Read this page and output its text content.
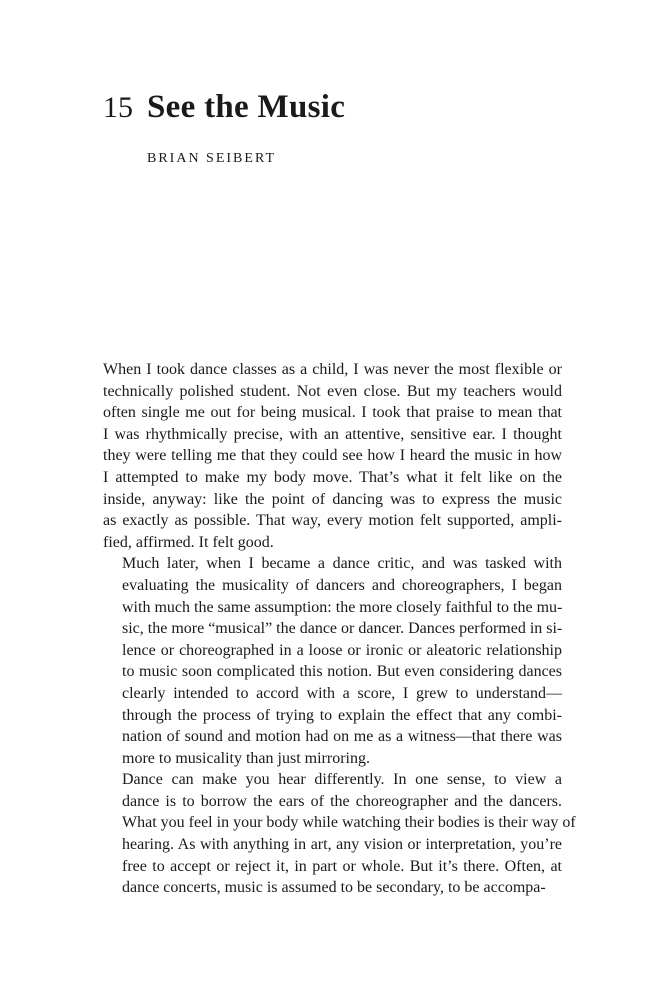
15 See the Music
BRIAN SEIBERT

When I took dance classes as a child, I was never the most flexible or
technically polished student. Not even close. But my teachers would
often single me out for being musical. I took that praise to mean that
I was rhythmically precise, with an attentive, sensitive ear. I thought
they were telling me that they could see how I heard the music in how
I attempted to make my body move. That’s what it felt like on the
inside, anyway: like the point of dancing was to express the music
as exactly as possible. That way, every motion felt supported, ampli-
fied, affirmed. It felt good.

Much later, when I became a dance critic, and was tasked with
evaluating the musicality of dancers and choreographers, I began
with much the same assumption: the more closely faithful to the mu-
sic, the more “musical” the dance or dancer. Dances performed in si-
lence or choreographed in a loose or ironic or aleatoric relationship
to music soon complicated this notion. But even considering dances
clearly intended to accord with a score, I grew to understand—
through the process of trying to explain the effect that any combi-
nation of sound and motion had on me as a witness—that there was
more to musicality than just mirroring.

Dance can make you hear differently. In one sense, to view a
dance is to borrow the ears of the choreographer and the dancers.
What you feel in your body while watching their bodies is their way of
hearing. As with anything in art, any vision or interpretation, you’re
free to accept or reject it, in part or whole. But it’s there. Often, at
dance concerts, music is assumed to be secondary, to be accompa-
